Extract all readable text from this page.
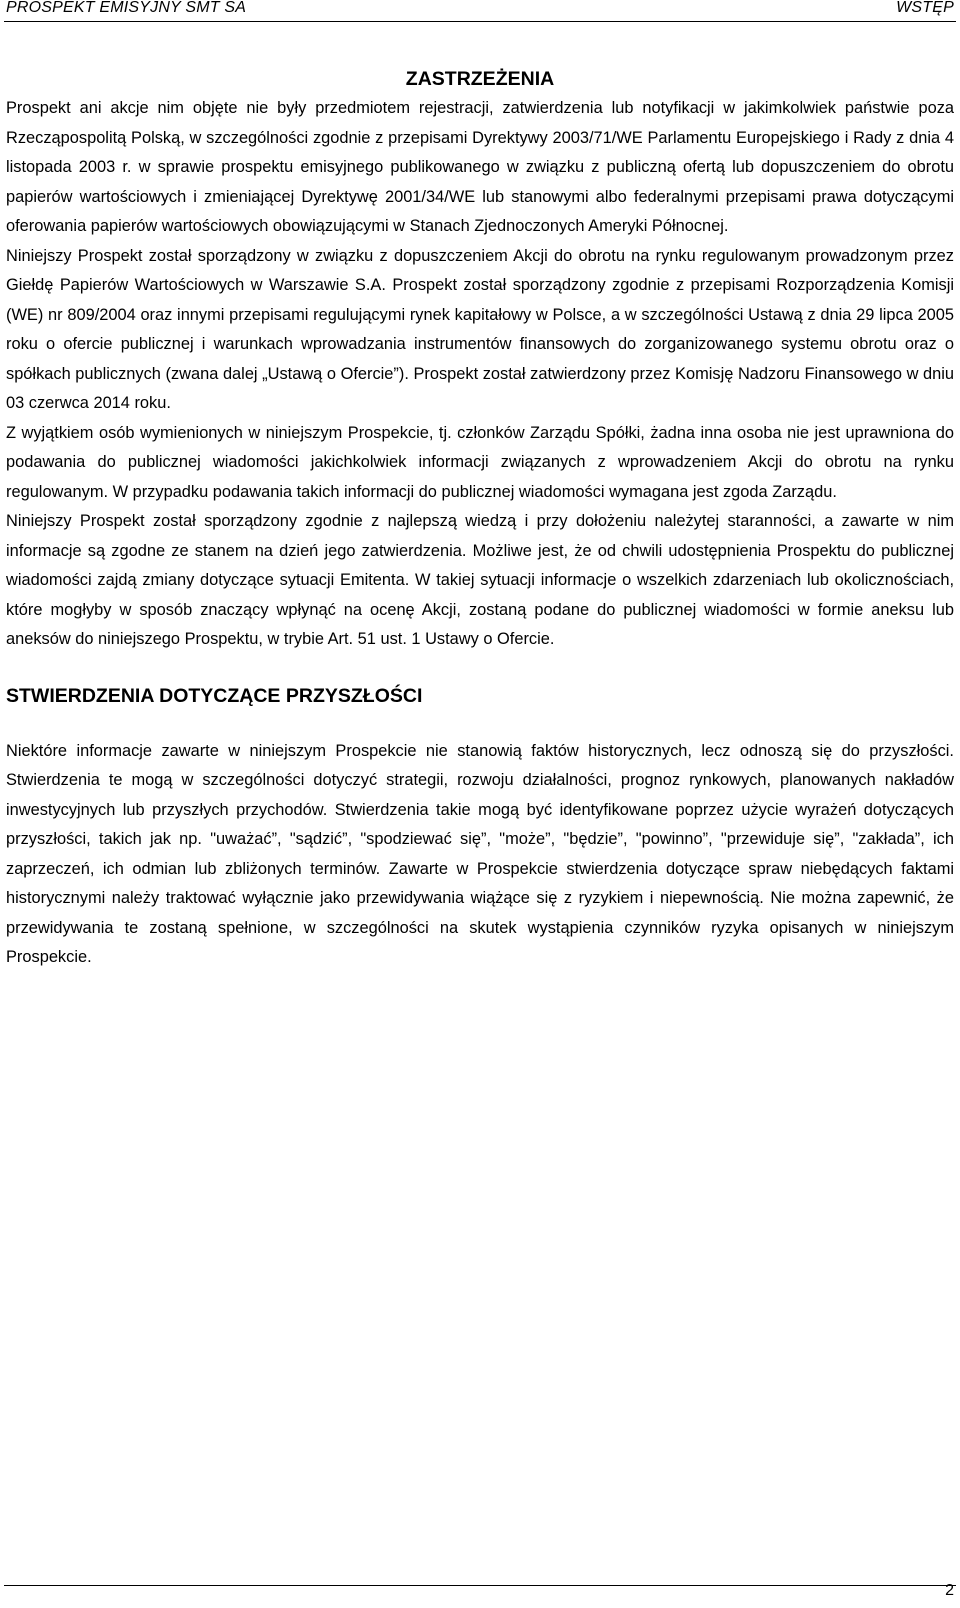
PROSPEKT EMISYJNY SMT SA	WSTĘP
ZASTRZEŻENIA

Prospekt ani akcje nim objęte nie były przedmiotem rejestracji, zatwierdzenia lub notyfikacji w jakimkolwiek państwie poza Rzecząpospolitą Polską, w szczególności zgodnie z przepisami Dyrektywy 2003/71/WE Parlamentu Europejskiego i Rady z dnia 4 listopada 2003 r. w sprawie prospektu emisyjnego publikowanego w związku z publiczną ofertą lub dopuszczeniem do obrotu papierów wartościowych i zmieniającej Dyrektywę 2001/34/WE lub stanowymi albo federalnymi przepisami prawa dotyczącymi oferowania papierów wartościowych obowiązującymi w Stanach Zjednoczonych Ameryki Północnej.

Niniejszy Prospekt został sporządzony w związku z dopuszczeniem Akcji do obrotu na rynku regulowanym prowadzonym przez Giełdę Papierów Wartościowych w Warszawie S.A. Prospekt został sporządzony zgodnie z przepisami Rozporządzenia Komisji (WE) nr 809/2004 oraz innymi przepisami regulującymi rynek kapitałowy w Polsce, a w szczególności Ustawą z dnia 29 lipca 2005 roku o ofercie publicznej i warunkach wprowadzania instrumentów finansowych do zorganizowanego systemu obrotu oraz o spółkach publicznych (zwana dalej „Ustawą o Ofercie”). Prospekt został zatwierdzony przez Komisję Nadzoru Finansowego w dniu 03 czerwca 2014 roku.

Z wyjątkiem osób wymienionych w niniejszym Prospekcie, tj. członków Zarządu Spółki, żadna inna osoba nie jest uprawniona do podawania do publicznej wiadomości jakichkolwiek informacji związanych z wprowadzeniem Akcji do obrotu na rynku regulowanym. W przypadku podawania takich informacji do publicznej wiadomości wymagana jest zgoda Zarządu.

Niniejszy Prospekt został sporządzony zgodnie z najlepszą wiedzą i przy dołożeniu należytej staranności, a zawarte w nim informacje są zgodne ze stanem na dzień jego zatwierdzenia. Możliwe jest, że od chwili udostępnienia Prospektu do publicznej wiadomości zajdą zmiany dotyczące sytuacji Emitenta. W takiej sytuacji informacje o wszelkich zdarzeniach lub okolicznościach, które mogłyby w sposób znaczący wpłynąć na ocenę Akcji, zostaną podane do publicznej wiadomości w formie aneksu lub aneksów do niniejszego Prospektu, w trybie Art. 51 ust. 1 Ustawy o Ofercie.

STWIERDZENIA DOTYCZĄCE PRZYSZŁOŚCI

Niektóre informacje zawarte w niniejszym Prospekcie nie stanowią faktów historycznych, lecz odnoszą się do przyszłości. Stwierdzenia te mogą w szczególności dotyczyć strategii, rozwoju działalności, prognoz rynkowych, planowanych nakładów inwestycyjnych lub przyszłych przychodów. Stwierdzenia takie mogą być identyfikowane poprzez użycie wyrażeń dotyczących przyszłości, takich jak np. "uważać”, "sądzić”, "spodziewać się”, "może”, "będzie”, "powinno”, "przewiduje się”, "zakłada”, ich zaprzeczeń, ich odmian lub zbliżonych terminów. Zawarte w Prospekcie stwierdzenia dotyczące spraw niebędących faktami historycznymi należy traktować wyłącznie jako przewidywania wiążące się z ryzykiem i niepewnością. Nie można zapewnić, że przewidywania te zostaną spełnione, w szczególności na skutek wystąpienia czynników ryzyka opisanych w niniejszym Prospekcie.

2
